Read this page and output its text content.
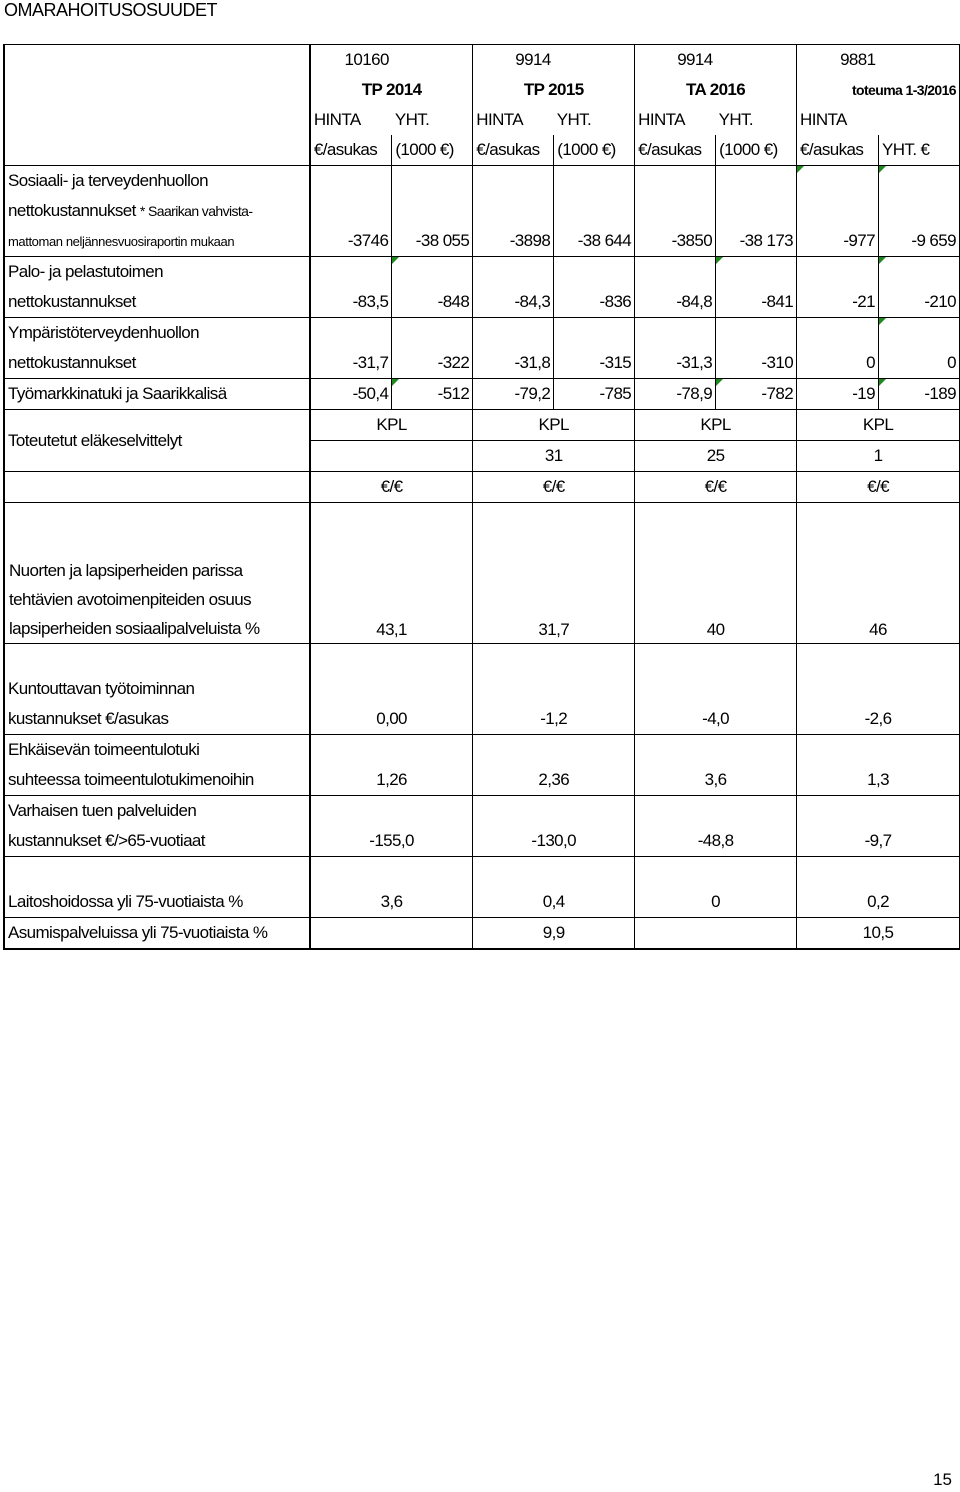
OMARAHOITUSOSUUDET
	10160		9914		9914		9881	
	TP 2014		TP 2015		TA 2016		toteuma 1-3/2016	
	HINTA	YHT.	HINTA	YHT.	HINTA	YHT.	HINTA	
	€/asukas	(1000 €)	€/asukas	(1000 €)	€/asukas	(1000 €)	€/asukas	YHT. €
Sosiaali- ja terveydenhuollon								
nettokustannukset * Saarikan vahvista-								
mattoman neljännesvuosiraportin mukaan	-3746	-38 055	-3898	-38 644	-3850	-38 173	-977	-9 659
Palo- ja pelastutoimen								
nettokustannukset	-83,5	-848	-84,3	-836	-84,8	-841	-21	-210
Ympäristöterveydenhuollon								
nettokustannukset	-31,7	-322	-31,8	-315	-31,3	-310	0	0
Työmarkkinatuki ja Saarikkalisä	-50,4	-512	-79,2	-785	-78,9	-782	-19	-189
Toteutetut eläkeselvittelyt	KPL		KPL		KPL		KPL	
			31		25		1	
	€/€		€/€		€/€		€/€	
Nuorten ja lapsiperheiden parissa tehtävien avotoimenpiteiden osuus lapsiperheiden sosiaalipalveluista %	43,1		31,7		40		46	

Kuntouttavan työtoiminnan								
kustannukset €/asukas	0,00		-1,2		-4,0		-2,6	
Ehkäisevän toimeentulotuki								
suhteessa toimeentulotukimenoihin	1,26		2,36		3,6		1,3	
Varhaisen tuen palveluiden								
kustannukset €/>65-vuotiaat	-155,0		-130,0		-48,8		-9,7	

Laitoshoidossa yli 75-vuotiaista %	3,6		0,4		0		0,2	
Asumispalveluissa yli 75-vuotiaista %			9,9				10,5	
15
